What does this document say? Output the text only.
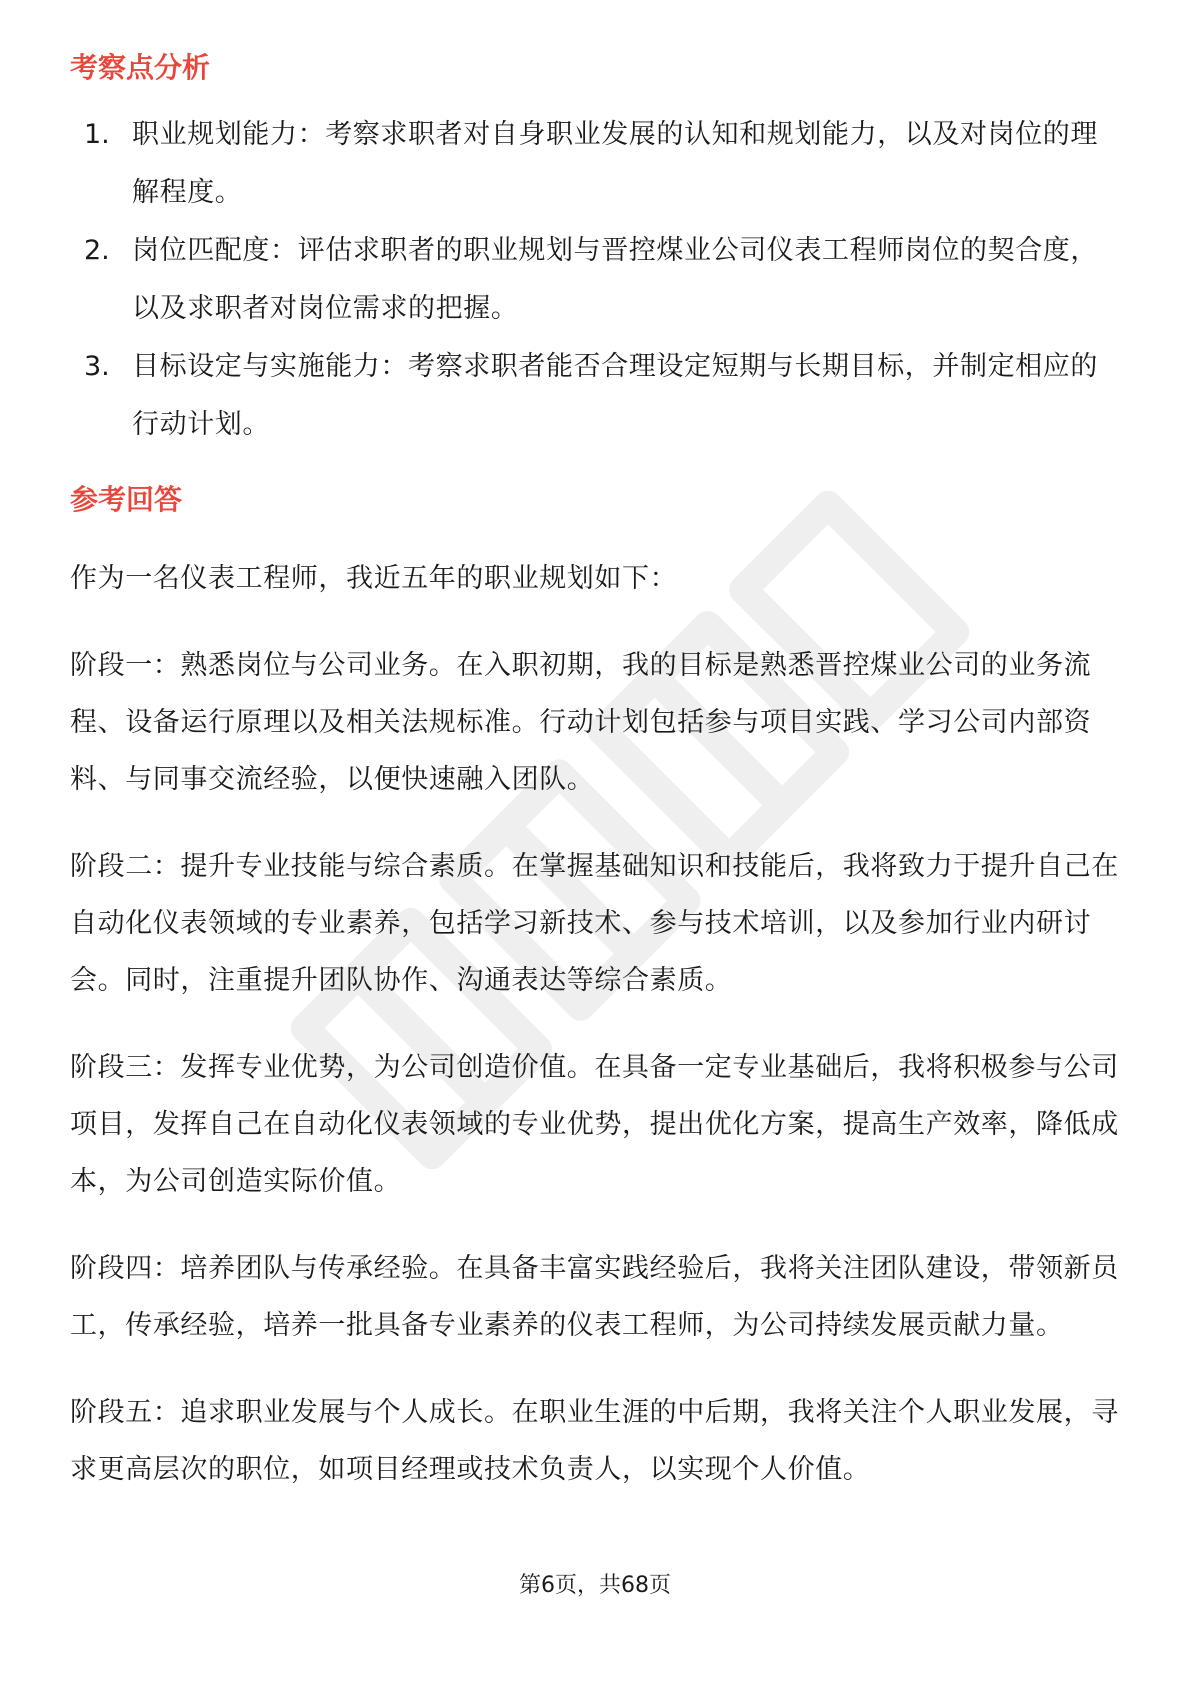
考察点分析
1. 职业规划能力：考察求职者对自身职业发展的认知和规划能力，以及对岗位的理解程度。
2. 岗位匹配度：评估求职者的职业规划与晋控煤业公司仪表工程师岗位的契合度，以及求职者对岗位需求的把握。
3. 目标设定与实施能力：考察求职者能否合理设定短期与长期目标，并制定相应的行动计划。
参考回答

作为一名仪表工程师，我近五年的职业规划如下：

阶段一：熟悉岗位与公司业务。在入职初期，我的目标是熟悉晋控煤业公司的业务流程、设备运行原理以及相关法规标准。行动计划包括参与项目实践、学习公司内部资料、与同事交流经验，以便快速融入团队。

阶段二：提升专业技能与综合素质。在掌握基础知识和技能后，我将致力于提升自己在自动化仪表领域的专业素养，包括学习新技术、参与技术培训，以及参加行业内研讨会。同时，注重提升团队协作、沟通表达等综合素质。

阶段三：发挥专业优势，为公司创造价值。在具备一定专业基础后，我将积极参与公司项目，发挥自己在自动化仪表领域的专业优势，提出优化方案，提高生产效率，降低成本，为公司创造实际价值。

阶段四：培养团队与传承经验。在具备丰富实践经验后，我将关注团队建设，带领新员工，传承经验，培养一批具备专业素养的仪表工程师，为公司持续发展贡献力量。

阶段五：追求职业发展与个人成长。在职业生涯的中后期，我将关注个人职业发展，寻求更高层次的职位，如项目经理或技术负责人，以实现个人价值。

第6页，共68页
